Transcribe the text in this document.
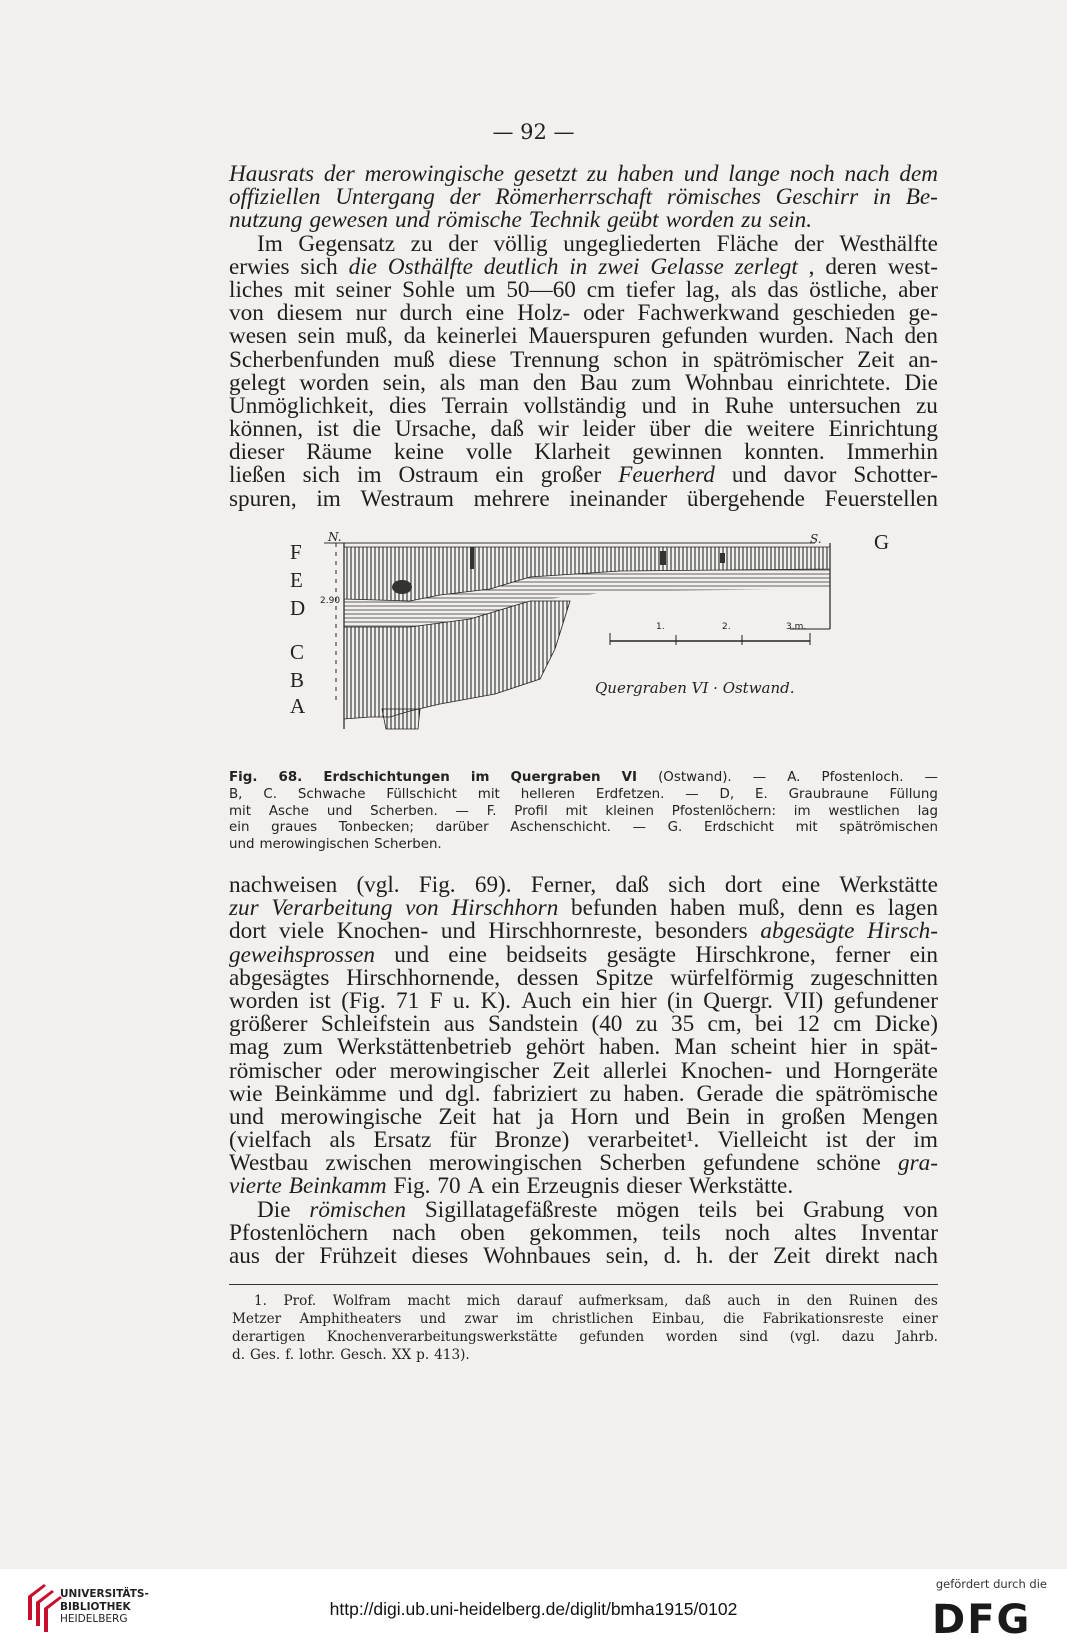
— 92 —
Hausrats der merowingische gesetzt zu haben und lange noch nach dem
offiziellen Untergang der Römerherrschaft römisches Geschirr in Be-
nutzung gewesen und römische Technik geübt worden zu sein.
Im Gegensatz zu der völlig ungegliederten Fläche der Westhälfte
erwies sich die Osthälfte deutlich in zwei Gelasse zerlegt , deren west-
liches mit seiner Sohle um 50—60 cm tiefer lag, als das östliche, aber
von diesem nur durch eine Holz- oder Fachwerkwand geschieden ge-
wesen sein muß, da keinerlei Mauerspuren gefunden wurden. Nach den
Scherbenfunden muß diese Trennung schon in spätrömischer Zeit an-
gelegt worden sein, als man den Bau zum Wohnbau einrichtete. Die
Unmöglichkeit, dies Terrain vollständig und in Ruhe untersuchen zu
können, ist die Ursache, daß wir leider über die weitere Einrichtung
dieser Räume keine volle Klarheit gewinnen konnten. Immerhin
ließen sich im Ostraum ein großer Feuerherd und davor Schotter-
spuren, im Westraum mehrere ineinander übergehende Feuerstellen
N.	S.
F
E
D
C
B
A
G
2.90
1.	2.	3.m.
Quergraben VI · Ostwand.
Fig. 68. Erdschichtungen im Quergraben VI (Ostwand). — A. Pfostenloch. —
B, C. Schwache Füllschicht mit helleren Erdfetzen. — D, E. Graubraune Füllung
mit Asche und Scherben. — F. Profil mit kleinen Pfostenlöchern: im westlichen lag
ein graues Tonbecken; darüber Aschenschicht. — G. Erdschicht mit spätrömischen
und merowingischen Scherben.
nachweisen (vgl. Fig. 69). Ferner, daß sich dort eine Werkstätte
zur Verarbeitung von Hirschhorn befunden haben muß, denn es lagen
dort viele Knochen- und Hirschhornreste, besonders abgesägte Hirsch-
geweihsprossen und eine beidseits gesägte Hirschkrone, ferner ein
abgesägtes Hirschhornende, dessen Spitze würfelförmig zugeschnitten
worden ist (Fig. 71 F u. K). Auch ein hier (in Quergr. VII) gefundener
größerer Schleifstein aus Sandstein (40 zu 35 cm, bei 12 cm Dicke)
mag zum Werkstättenbetrieb gehört haben. Man scheint hier in spät-
römischer oder merowingischer Zeit allerlei Knochen- und Horngeräte
wie Beinkämme und dgl. fabriziert zu haben. Gerade die spätrömische
und merowingische Zeit hat ja Horn und Bein in großen Mengen
(vielfach als Ersatz für Bronze) verarbeitet¹. Vielleicht ist der im
Westbau zwischen merowingischen Scherben gefundene schöne gra-
vierte Beinkamm Fig. 70 A ein Erzeugnis dieser Werkstätte.
Die römischen Sigillatagefäßreste mögen teils bei Grabung von
Pfostenlöchern nach oben gekommen, teils noch altes Inventar
aus der Frühzeit dieses Wohnbaues sein, d. h. der Zeit direkt nach
1. Prof. Wolfram macht mich darauf aufmerksam, daß auch in den Ruinen des
Metzer Amphitheaters und zwar im christlichen Einbau, die Fabrikationsreste einer
derartigen Knochenverarbeitungswerkstätte gefunden worden sind (vgl. dazu Jahrb.
d. Ges. f. lothr. Gesch. XX p. 413).
UNIVERSITÄTS-
BIBLIOTHEK
HEIDELBERG
http://digi.ub.uni-heidelberg.de/diglit/bmha1915/0102
gefördert durch die
DFG
